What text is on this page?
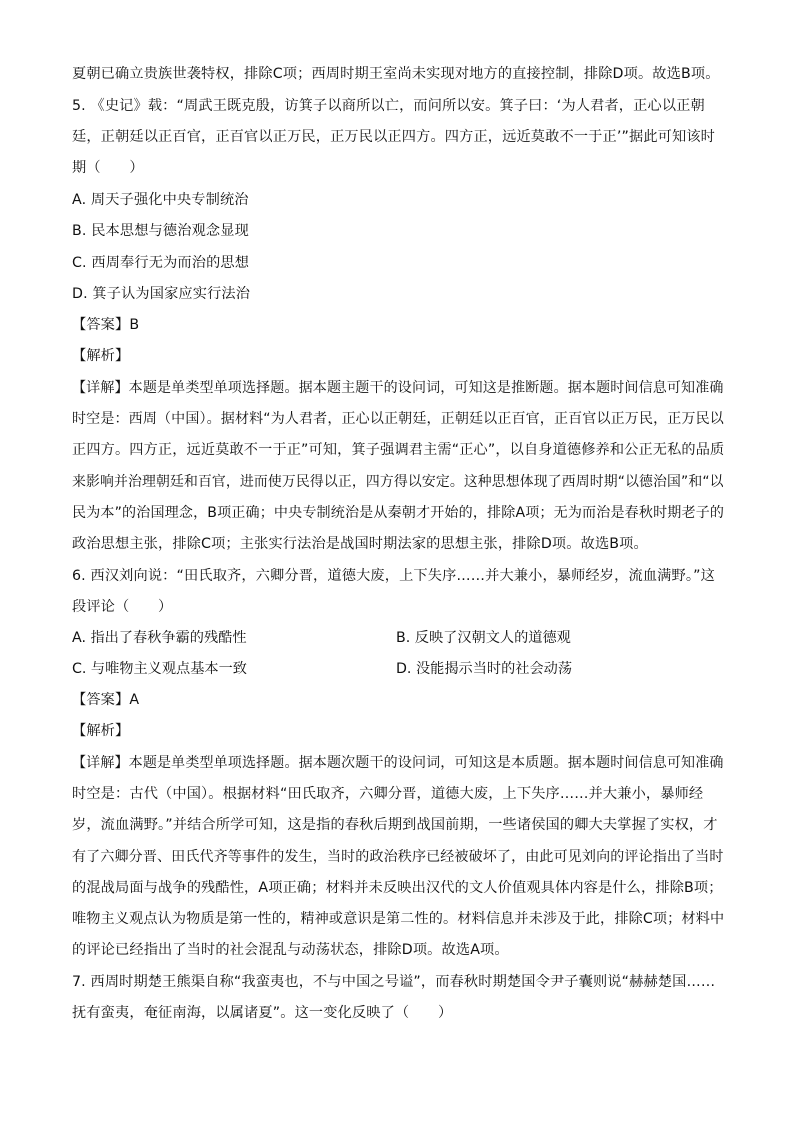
夏朝已确立贵族世袭特权，排除C项；西周时期王室尚未实现对地方的直接控制，排除D项。故选B项。
5. 《史记》载：“周武王既克殷，访箕子以商所以亡，而问所以安。箕子曰：‘为人君者，正心以正朝
廷，正朝廷以正百官，正百官以正万民，正万民以正四方。四方正，远近莫敢不一于正’”据此可知该时
期（　　）
A. 周天子强化中央专制统治
B. 民本思想与德治观念显现
C. 西周奉行无为而治的思想
D. 箕子认为国家应实行法治
【答案】B
【解析】
【详解】本题是单类型单项选择题。据本题主题干的设问词，可知这是推断题。据本题时间信息可知准确
时空是：西周（中国）。据材料“为人君者，正心以正朝廷，正朝廷以正百官，正百官以正万民，正万民以
正四方。四方正，远近莫敢不一于正”可知，箕子强调君主需“正心”，以自身道德修养和公正无私的品质
来影响并治理朝廷和百官，进而使万民得以正，四方得以安定。这种思想体现了西周时期“以德治国”和“以
民为本”的治国理念，B项正确；中央专制统治是从秦朝才开始的，排除A项；无为而治是春秋时期老子的
政治思想主张，排除C项；主张实行法治是战国时期法家的思想主张，排除D项。故选B项。
6. 西汉刘向说：“田氏取齐，六卿分晋，道德大废，上下失序……并大兼小，暴师经岁，流血满野。”这
段评论（　　）
A. 指出了春秋争霸的残酷性	B. 反映了汉朝文人的道德观
C. 与唯物主义观点基本一致	D. 没能揭示当时的社会动荡
【答案】A
【解析】
【详解】本题是单类型单项选择题。据本题次题干的设问词，可知这是本质题。据本题时间信息可知准确
时空是：古代（中国）。根据材料“田氏取齐，六卿分晋，道德大废，上下失序……并大兼小，暴师经
岁，流血满野。”并结合所学可知，这是指的春秋后期到战国前期，一些诸侯国的卿大夫掌握了实权，才
有了六卿分晋、田氏代齐等事件的发生，当时的政治秩序已经被破坏了，由此可见刘向的评论指出了当时
的混战局面与战争的残酷性，A项正确；材料并未反映出汉代的文人价值观具体内容是什么，排除B项；
唯物主义观点认为物质是第一性的，精神或意识是第二性的。材料信息并未涉及于此，排除C项；材料中
的评论已经指出了当时的社会混乱与动荡状态，排除D项。故选A项。
7. 西周时期楚王熊渠自称“我蛮夷也，不与中国之号谥”，而春秋时期楚国令尹子囊则说“赫赫楚国……
抚有蛮夷，奄征南海，以属诸夏”。这一变化反映了（　　）
